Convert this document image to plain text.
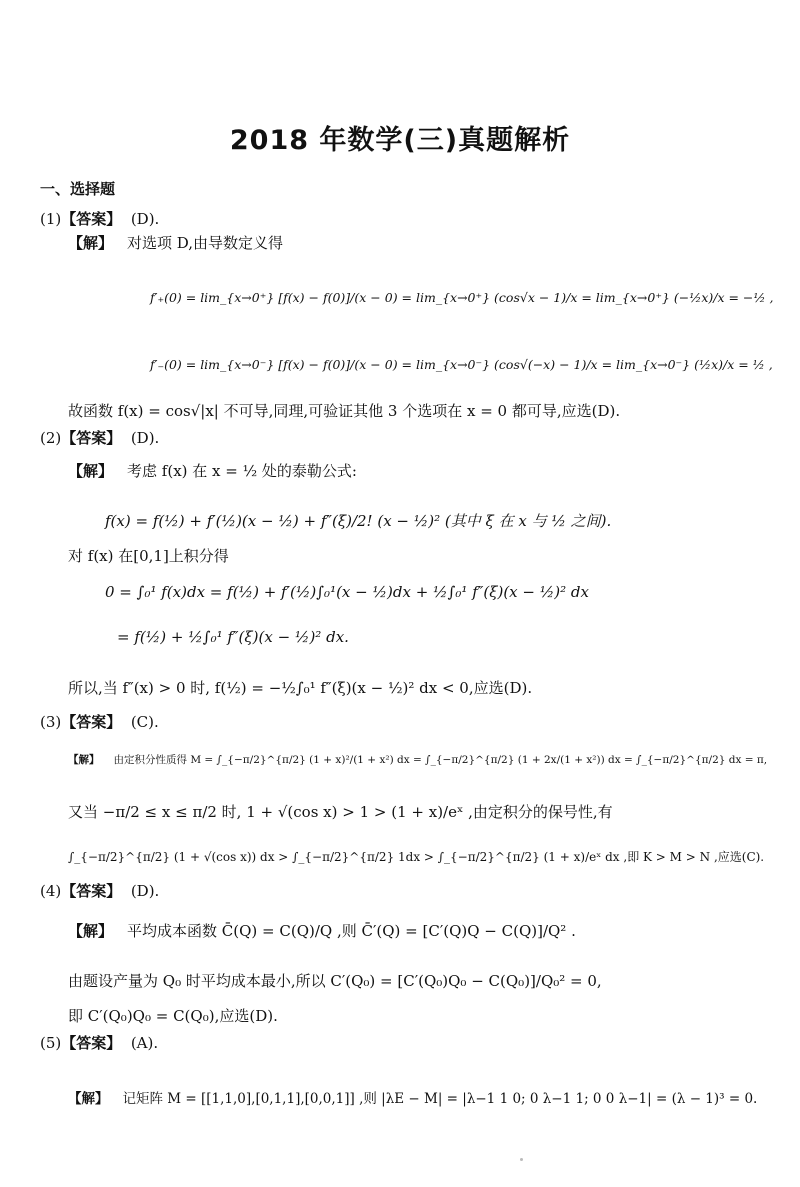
2018 年数学(三)真题解析
一、选择题
(1)【答案】 (D).
【解】 对选项 D,由导数定义得
f′₊(0) = lim_{x→0⁺} [f(x) − f(0)]/(x − 0) = lim_{x→0⁺} (cos√x − 1)/x = lim_{x→0⁺} (−½x)/x = −½ ,
f′₋(0) = lim_{x→0⁻} [f(x) − f(0)]/(x − 0) = lim_{x→0⁻} (cos√(−x) − 1)/x = lim_{x→0⁻} (½x)/x = ½ ,
故函数 f(x) = cos√|x| 不可导,同理,可验证其他 3 个选项在 x = 0 都可导,应选(D).
(2)【答案】 (D).
【解】 考虑 f(x) 在 x = ½ 处的泰勒公式:
f(x) = f(½) + f′(½)(x − ½) + f″(ξ)/2! (x − ½)² (其中 ξ 在 x 与 ½ 之间).
对 f(x) 在[0,1]上积分得
0 = ∫₀¹ f(x)dx = f(½) + f′(½)∫₀¹(x − ½)dx + ½∫₀¹ f″(ξ)(x − ½)² dx
= f(½) + ½∫₀¹ f″(ξ)(x − ½)² dx.
所以,当 f″(x) > 0 时, f(½) = −½∫₀¹ f″(ξ)(x − ½)² dx < 0,应选(D).
(3)【答案】 (C).
【解】 由定积分性质得 M = ∫_{−π/2}^{π/2} (1 + x)²/(1 + x²) dx = ∫_{−π/2}^{π/2} (1 + 2x/(1 + x²)) dx = ∫_{−π/2}^{π/2} dx = π,
又当 −π/2 ≤ x ≤ π/2 时, 1 + √(cos x) > 1 > (1 + x)/eˣ ,由定积分的保号性,有
∫_{−π/2}^{π/2} (1 + √(cos x)) dx > ∫_{−π/2}^{π/2} 1dx > ∫_{−π/2}^{π/2} (1 + x)/eˣ dx ,即 K > M > N ,应选(C).
(4)【答案】 (D).
【解】 平均成本函数 C̄(Q) = C(Q)/Q ,则 C̄′(Q) = [C′(Q)Q − C(Q)]/Q² .
由题设产量为 Q₀ 时平均成本最小,所以 C′(Q₀) = [C′(Q₀)Q₀ − C(Q₀)]/Q₀² = 0,
即 C′(Q₀)Q₀ = C(Q₀),应选(D).
(5)【答案】 (A).
【解】 记矩阵 M = [[1,1,0],[0,1,1],[0,0,1]] ,则 |λE − M| = |λ−1 1 0; 0 λ−1 1; 0 0 λ−1| = (λ − 1)³ = 0.
